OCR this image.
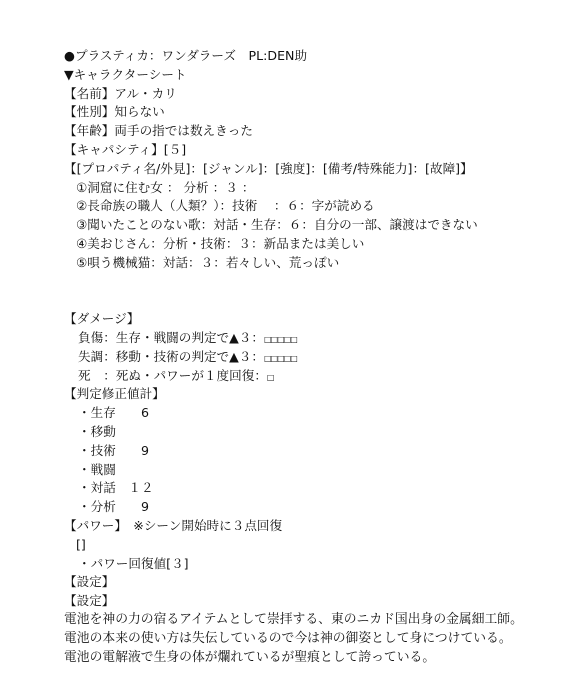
●プラスティカ：ワンダラーズ　PL:DEN助
▼キャラクターシート
【名前】アル・カリ
【性別】知らない
【年齢】両手の指では数えきった
【キャパシティ】[５]
【[プロパティ名/外見]：[ジャンル]：[強度]：[備考/特殊能力]：[故障]】
①洞窟に住む女 ： 分析 ：３ ：
②長命族の職人（人類？）：技術 　：６：字が読める
③聞いたことのない歌：対話・生存：６：自分の一部、譲渡はできない
④美おじさん：分析・技術：３：新品または美しい
⑤唄う機械猫：対話：３：若々しい、荒っぽい
【ダメージ】
負傷：生存・戦闘の判定で▲３：□□□□□
失調：移動・技術の判定で▲３：□□□□□
死　：死ぬ・パワーが１度回復：□
【判定修正値計】
・生存　　6
・移動
・技術　　9
・戦闘
・対話　１２
・分析　　9
【パワー】　※シーン開始時に３点回復
[]
・パワー回復値[３]
【設定】
【設定】
電池を神の力の宿るアイテムとして崇拝する、東のニカド国出身の金属細工師。
電池の本来の使い方は失伝しているので今は神の御姿として身につけている。
電池の電解液で生身の体が爛れているが聖痕として誇っている。
